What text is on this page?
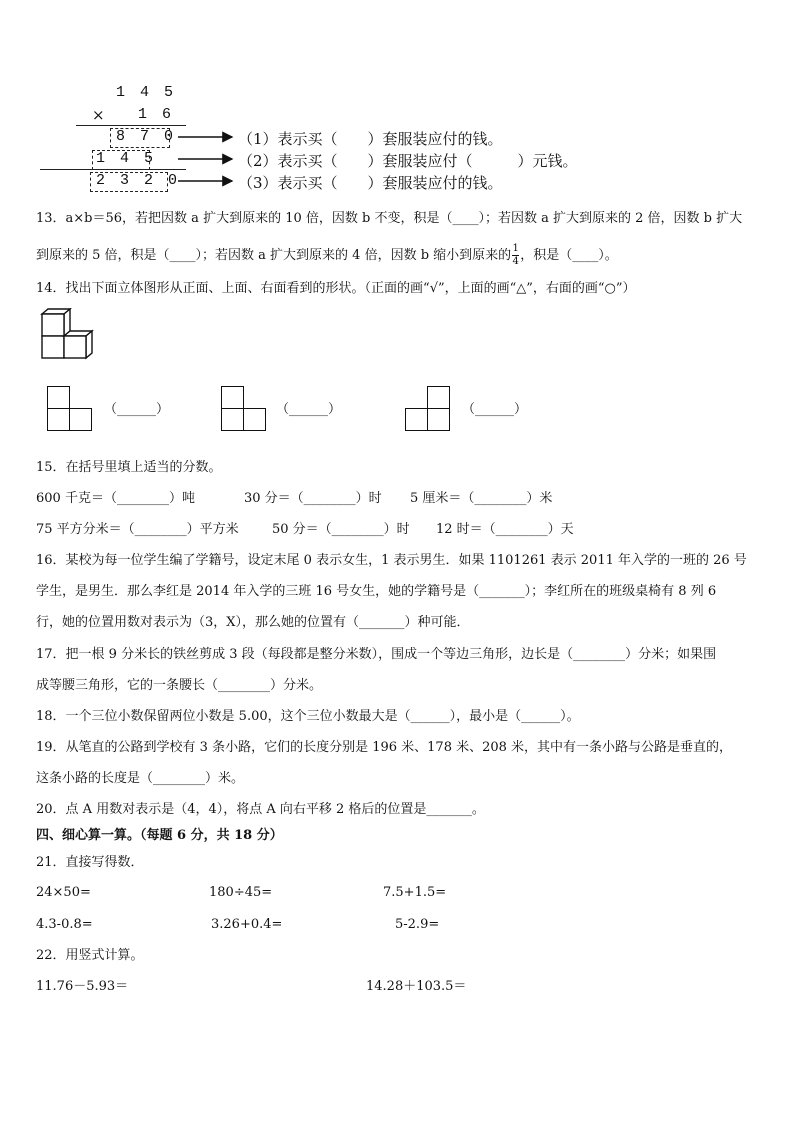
1 4 5
× 1 6
8 7 0
1 4 5
2 3 2 0
（1）表示买（　　）套服装应付的钱。
（2）表示买（　　）套服装应付（　　　）元钱。
（3）表示买（　　）套服装应付的钱。
13．a×b＝56，若把因数 a 扩大到原来的 10 倍，因数 b 不变，积是（____）；若因数 a 扩大到原来的 2 倍，因数 b 扩大
到原来的 5 倍，积是（____）；若因数 a 扩大到原来的 4 倍，因数 b 缩小到原来的 $\frac{1}{4}$ ，积是（____）。
14．找出下面立体图形从正面、上面、右面看到的形状。（正面的画“√”，上面的画“△”，右面的画“○”）
（______）	（______）	（______）
15．在括号里填上适当的分数。
600 千克＝（________）吨	30 分＝（________）时 5 厘米＝（________）米
75 平方分米＝（________）平方米	50 分＝（________）时 12 时＝（________）天
16．某校为每一位学生编了学籍号，设定末尾 0 表示女生，1 表示男生．如果 1101261 表示 2011 年入学的一班的 26 号
学生，是男生．那么李红是 2014 年入学的三班 16 号女生，她的学籍号是（_______）；李红所在的班级桌椅有 8 列 6
行，她的位置用数对表示为（3，X），那么她的位置有（_______）种可能．
17．把一根 9 分米长的铁丝剪成 3 段（每段都是整分米数），围成一个等边三角形，边长是（________）分米；如果围
成等腰三角形，它的一条腰长（________）分米。
18．一个三位小数保留两位小数是 5.00，这个三位小数最大是（______），最小是（______）。
19．从笔直的公路到学校有 3 条小路，它们的长度分别是 196 米、178 米、208 米，其中有一条小路与公路是垂直的，
这条小路的长度是（________）米。
20．点 A 用数对表示是（4，4），将点 A 向右平移 2 格后的位置是_______。
四、细心算一算。（每题 6 分，共 18 分）
21．直接写得数．
24×50=	180÷45=	7.5+1.5=
4.3-0.8=	3.26+0.4=	5-2.9=
22．用竖式计算。
11.76－5.93＝	14.28＋103.5＝
